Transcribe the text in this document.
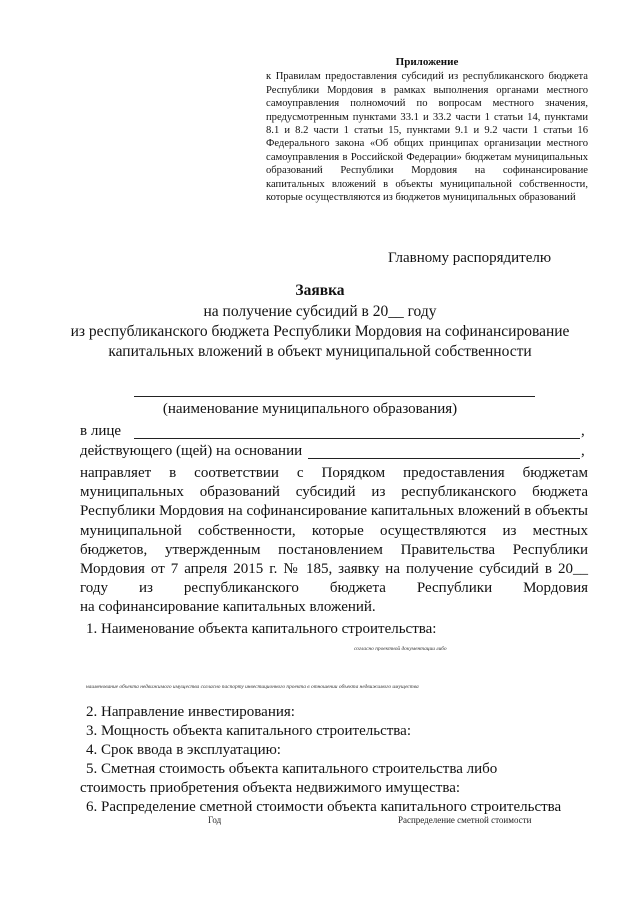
Приложение
к Правилам предоставления субсидий из республиканского бюджета Республики Мордовия в рамках выполнения органами местного самоуправления полномочий по вопросам местного значения, предусмотренным пунктами 33.1 и 33.2 части 1 статьи 14, пунктами 8.1 и 8.2 части 1 статьи 15, пунктами 9.1 и 9.2 части 1 статьи 16 Федерального закона «Об общих принципах организации местного самоуправления в Российской Федерации» бюджетам муниципальных образований Республики Мордовия на софинансирование капитальных вложений в объекты муниципальной собственности, которые осуществляются из бюджетов муниципальных образований
Главному распорядителю
Заявка
на получение субсидий в 20__ году
из республиканского бюджета Республики Мордовия на софинансирование
капитальных вложений в объект муниципальной собственности
(наименование муниципального образования)
в лице	,
действующего (щей) на основании	,
направляет в соответствии с Порядком предоставления бюджетам муниципальных образований субсидий из республиканского бюджета Республики Мордовия на софинансирование капитальных вложений в объекты муниципальной собственности, которые осуществляются из местных бюджетов, утвержденным постановлением Правительства Республики Мордовия от 7 апреля 2015 г. № 185, заявку на получение субсидий в 20__ году из республиканского бюджета Республики Мордовия
на софинансирование капитальных вложений.
1. Наименование объекта капитального строительства:
согласно проектной документации либо
наименование объекта недвижимого имущества согласно паспорту инвестиционного проекта в отношении объекта недвижимого имущества
2. Направление инвестирования:
3. Мощность объекта капитального строительства:
4. Срок ввода в эксплуатацию:
5. Сметная стоимость объекта капитального строительства либо
стоимость приобретения объекта недвижимого имущества:
6. Распределение сметной стоимости объекта капитального строительства
Год	Распределение сметной стоимости
